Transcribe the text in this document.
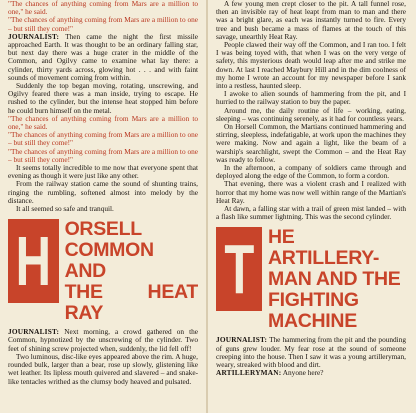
"The chances of anything coming from Mars are a million to one," he said.

"The chances of anything coming from Mars are a million to one – but still they come!"

JOURNALIST: Then came the night the first missile approached Earth. It was thought to be an ordinary falling star, but next day there was a huge crater in the middle of the Common, and Ogilvy came to examine what lay there: a cylinder, thirty yards across, glowing hot . . . and with faint sounds of movement coming from within.

Suddenly the top began moving, rotating, unscrewing, and Ogilvy feared there was a man inside, trying to escape. He rushed to the cylinder, but the intense heat stopped him before he could burn himself on the metal.

"The chances of anything coming from Mars are a million to one," he said.

"The chances of anything coming from Mars are a million to one – but still they come!"

"The chances of anything coming from Mars are a million to one – but still they come!"

It seems totally incredible to me now that everyone spent that evening as though it were just like any other.

From the railway station came the sound of shunting trains, ringing the rumbling, softened almost into melody by the distance.

It all seemed so safe and tranquil.

H ORSELL
COMMON AND
THE HEAT RAY

JOURNALIST: Next morning, a crowd gathered on the Common, hypnotized by the unscrewing of the cylinder. Two feet of shining screw projected when, suddenly, the lid fell off!

Two luminous, disc-like eyes appeared above the rim. A huge, rounded bulk, larger than a bear, rose up slowly, glistening like wet leather. Its lipless mouth quivered and slavered – and snake-like tentacles writhed as the clumsy body heaved and pulsated.

A few young men crept closer to the pit. A tall funnel rose, then an invisible ray of heat leapt from man to man and there was a bright glare, as each was instantly turned to fire. Every tree and bush became a mass of flames at the touch of this savage, unearthly Heat Ray.

People clawed their way off the Common, and I ran too. I felt I was being toyed with, that when I was on the very verge of safety, this mysterious death would leap after me and strike me down. At last I reached Maybury Hill and in the dim coolness of my home I wrote an account for my newspaper before I sank into a restless, haunted sleep.

I awoke to alien sounds of hammering from the pit, and I hurried to the railway station to buy the paper.

Around me, the daily routine of life – working, eating, sleeping – was continuing serenely, as it had for countless years.

On Horsell Common, the Martians continued hammering and stirring, sleepless, indefatigable, at work upon the machines they were making. Now and again a light, like the beam of a warship's searchlight, swept the Common – and the Heat Ray was ready to follow.

In the afternoon, a company of soldiers came through and deployed along the edge of the Common, to form a cordon.

That evening, there was a violent crash and I realized with horror that my home was now well within range of the Martian's Heat Ray.

At dawn, a falling star with a trail of green mist landed – with a flash like summer lightning. This was the second cylinder.

T HE ARTILLERY-
MAN AND THE
FIGHTING
MACHINE

JOURNALIST: The hammering from the pit and the pounding of guns grew louder. My fear rose at the sound of someone creeping into the house. Then I saw it was a young artilleryman, weary, streaked with blood and dirt.

ARTILLERYMAN: Anyone here?
